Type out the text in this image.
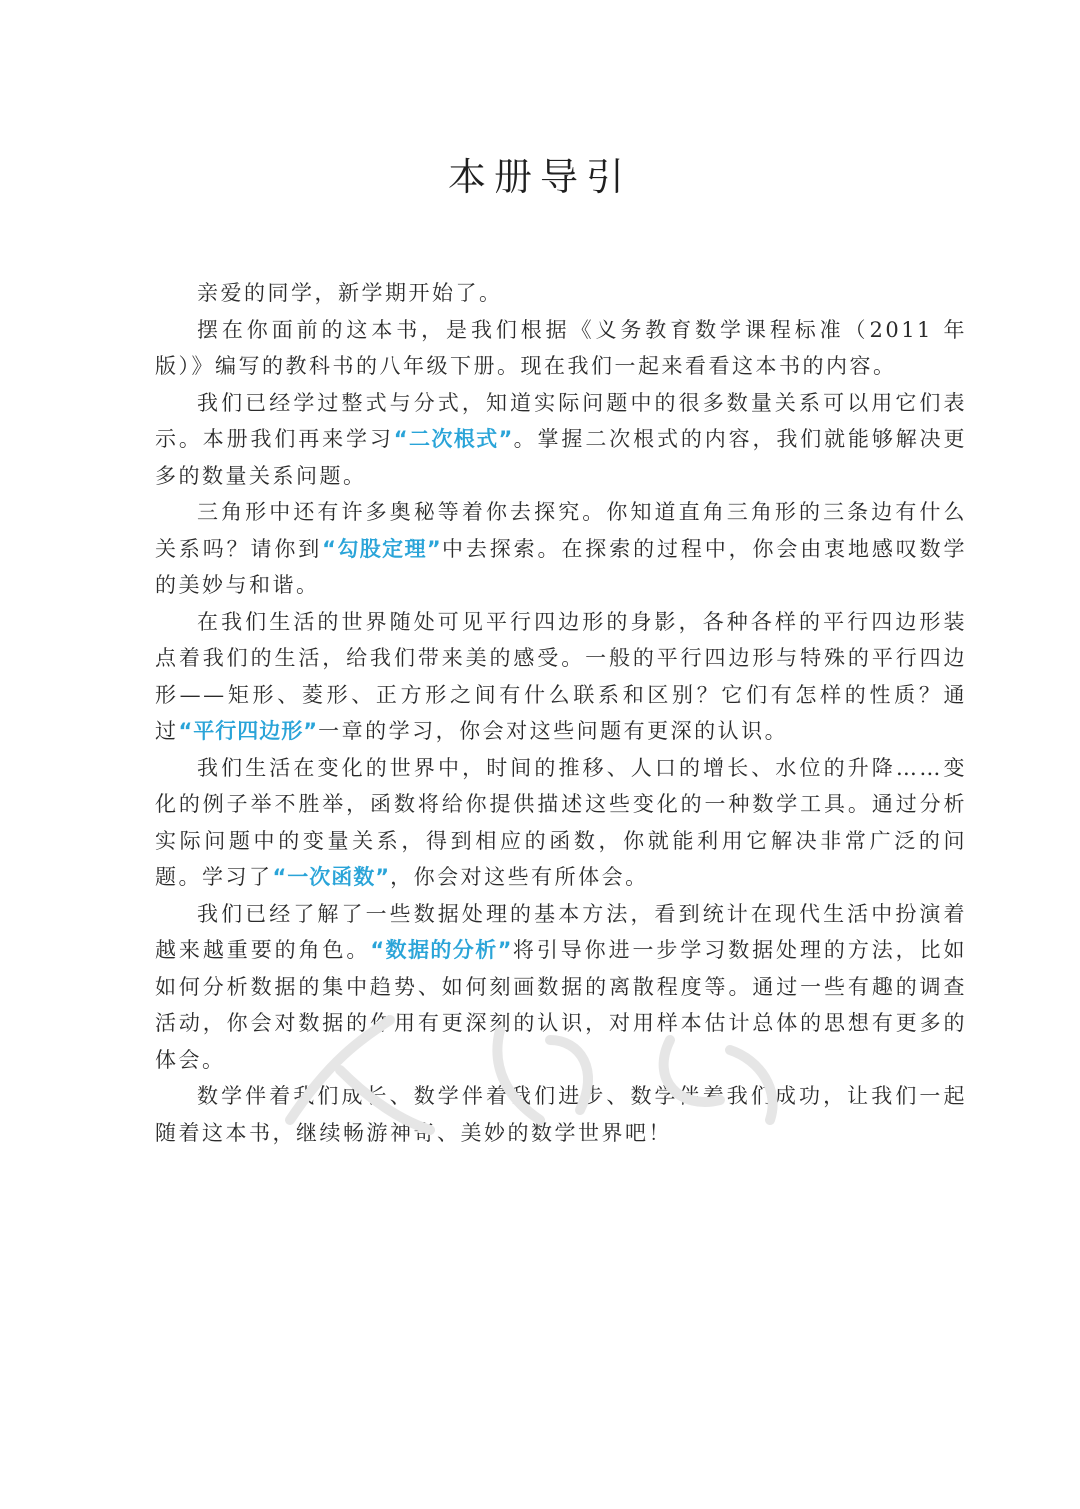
本册导引

亲爱的同学，新学期开始了。

摆在你面前的这本书，是我们根据《义务教育数学课程标准（2011 年版）》编写的教科书的八年级下册。现在我们一起来看看这本书的内容。

我们已经学过整式与分式，知道实际问题中的很多数量关系可以用它们表示。本册我们再来学习“二次根式”。掌握二次根式的内容，我们就能够解决更多的数量关系问题。

三角形中还有许多奥秘等着你去探究。你知道直角三角形的三条边有什么关系吗？请你到“勾股定理”中去探索。在探索的过程中，你会由衷地感叹数学的美妙与和谐。

在我们生活的世界随处可见平行四边形的身影，各种各样的平行四边形装点着我们的生活，给我们带来美的感受。一般的平行四边形与特殊的平行四边形——矩形、菱形、正方形之间有什么联系和区别？它们有怎样的性质？通过“平行四边形”一章的学习，你会对这些问题有更深的认识。

我们生活在变化的世界中，时间的推移、人口的增长、水位的升降……变化的例子举不胜举，函数将给你提供描述这些变化的一种数学工具。通过分析实际问题中的变量关系，得到相应的函数，你就能利用它解决非常广泛的问题。学习了“一次函数”，你会对这些有所体会。

我们已经了解了一些数据处理的基本方法，看到统计在现代生活中扮演着越来越重要的角色。“数据的分析”将引导你进一步学习数据处理的方法，比如如何分析数据的集中趋势、如何刻画数据的离散程度等。通过一些有趣的调查活动，你会对数据的作用有更深刻的认识，对用样本估计总体的思想有更多的体会。

数学伴着我们成长、数学伴着我们进步、数学伴着我们成功，让我们一起随着这本书，继续畅游神奇、美妙的数学世界吧！
